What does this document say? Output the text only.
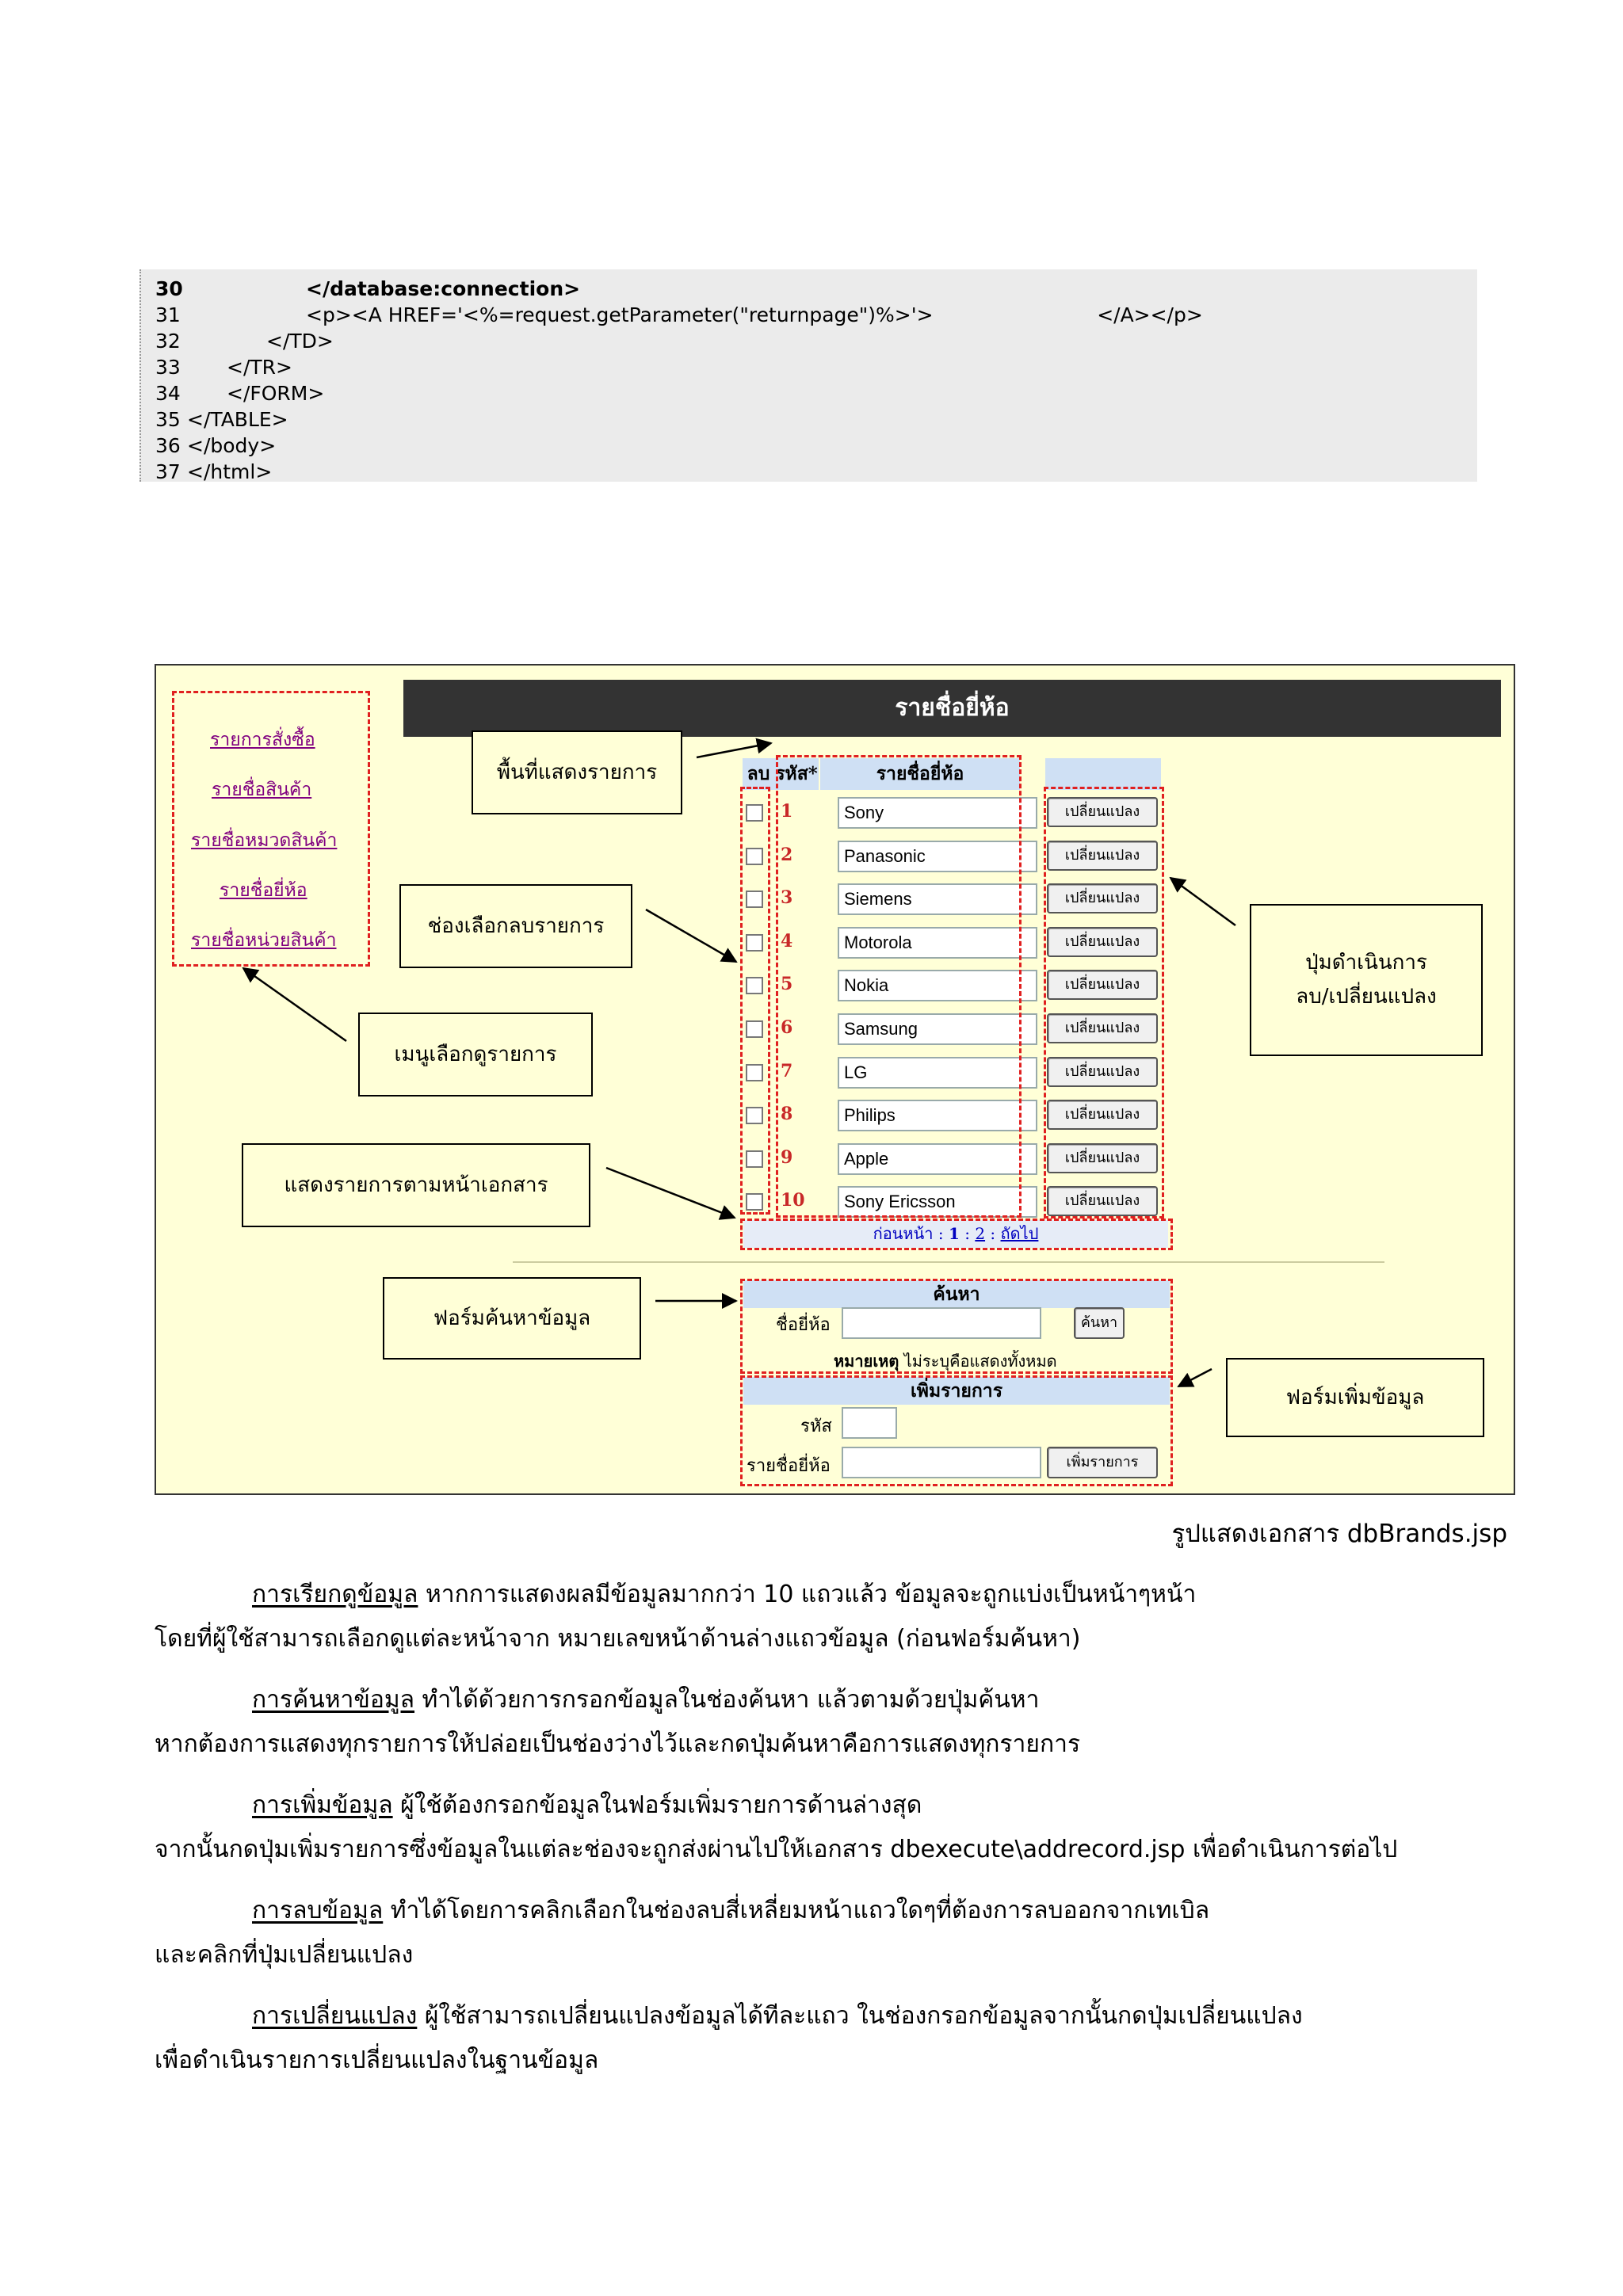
30	</database:connection>
31	<p><A HREF='<%=request.getParameter("returnpage")%>'>                          </A></p>
32	</TD>
33 </TR>
34 </FORM>
35 </TABLE>
36 </body>
37 </html>
รายชื่อยี่ห้อ
รายการสั่งซื้อ
รายชื่อสินค้า
รายชื่อหมวดสินค้า
รายชื่อยี่ห้อ
รายชื่อหน่วยสินค้า
ลบ รหัส*	รายชื่อยี่ห้อ
1	Sony	เปลี่ยนแปลง
2	Panasonic	เปลี่ยนแปลง
3	Siemens	เปลี่ยนแปลง
4	Motorola	เปลี่ยนแปลง
5	Nokia	เปลี่ยนแปลง
6	Samsung	เปลี่ยนแปลง
7	LG	เปลี่ยนแปลง
8	Philips	เปลี่ยนแปลง
9	Apple	เปลี่ยนแปลง
10	Sony Ericsson	เปลี่ยนแปลง
ก่อนหน้า : 1 : 2 : ถัดไป
ค้นหา
ชื่อยี่ห้อ	ค้นหา
หมายเหตุ ไม่ระบุคือแสดงทั้งหมด
เพิ่มรายการ
รหัส
รายชื่อยี่ห้อ	เพิ่มรายการ
พื้นที่แสดงรายการ
ช่องเลือกลบรายการ
เมนูเลือกดูรายการ
แสดงรายการตามหน้าเอกสาร
ปุ่มดำเนินการ
ลบ/เปลี่ยนแปลง
ฟอร์มค้นหาข้อมูล
ฟอร์มเพิ่มข้อมูล
รูปแสดงเอกสาร dbBrands.jsp
การเรียกดูข้อมูล หากการแสดงผลมีข้อมูลมากกว่า 10 แถวแล้ว ข้อมูลจะถูกแบ่งเป็นหน้าๆหน้า
โดยที่ผู้ใช้สามารถเลือกดูแต่ละหน้าจาก หมายเลขหน้าด้านล่างแถวข้อมูล (ก่อนฟอร์มค้นหา)
การค้นหาข้อมูล ทำได้ด้วยการกรอกข้อมูลในช่องค้นหา แล้วตามด้วยปุ่มค้นหา
หากต้องการแสดงทุกรายการให้ปล่อยเป็นช่องว่างไว้และกดปุ่มค้นหาคือการแสดงทุกรายการ
การเพิ่มข้อมูล ผู้ใช้ต้องกรอกข้อมูลในฟอร์มเพิ่มรายการด้านล่างสุด
จากนั้นกดปุ่มเพิ่มรายการซึ่งข้อมูลในแต่ละช่องจะถูกส่งผ่านไปให้เอกสาร dbexecute\addrecord.jsp เพื่อดำเนินการต่อไป
การลบข้อมูล ทำได้โดยการคลิกเลือกในช่องลบสี่เหลี่ยมหน้าแถวใดๆที่ต้องการลบออกจากเทเบิล
และคลิกที่ปุ่มเปลี่ยนแปลง
การเปลี่ยนแปลง ผู้ใช้สามารถเปลี่ยนแปลงข้อมูลได้ทีละแถว ในช่องกรอกข้อมูลจากนั้นกดปุ่มเปลี่ยนแปลง
เพื่อดำเนินรายการเปลี่ยนแปลงในฐานข้อมูล
